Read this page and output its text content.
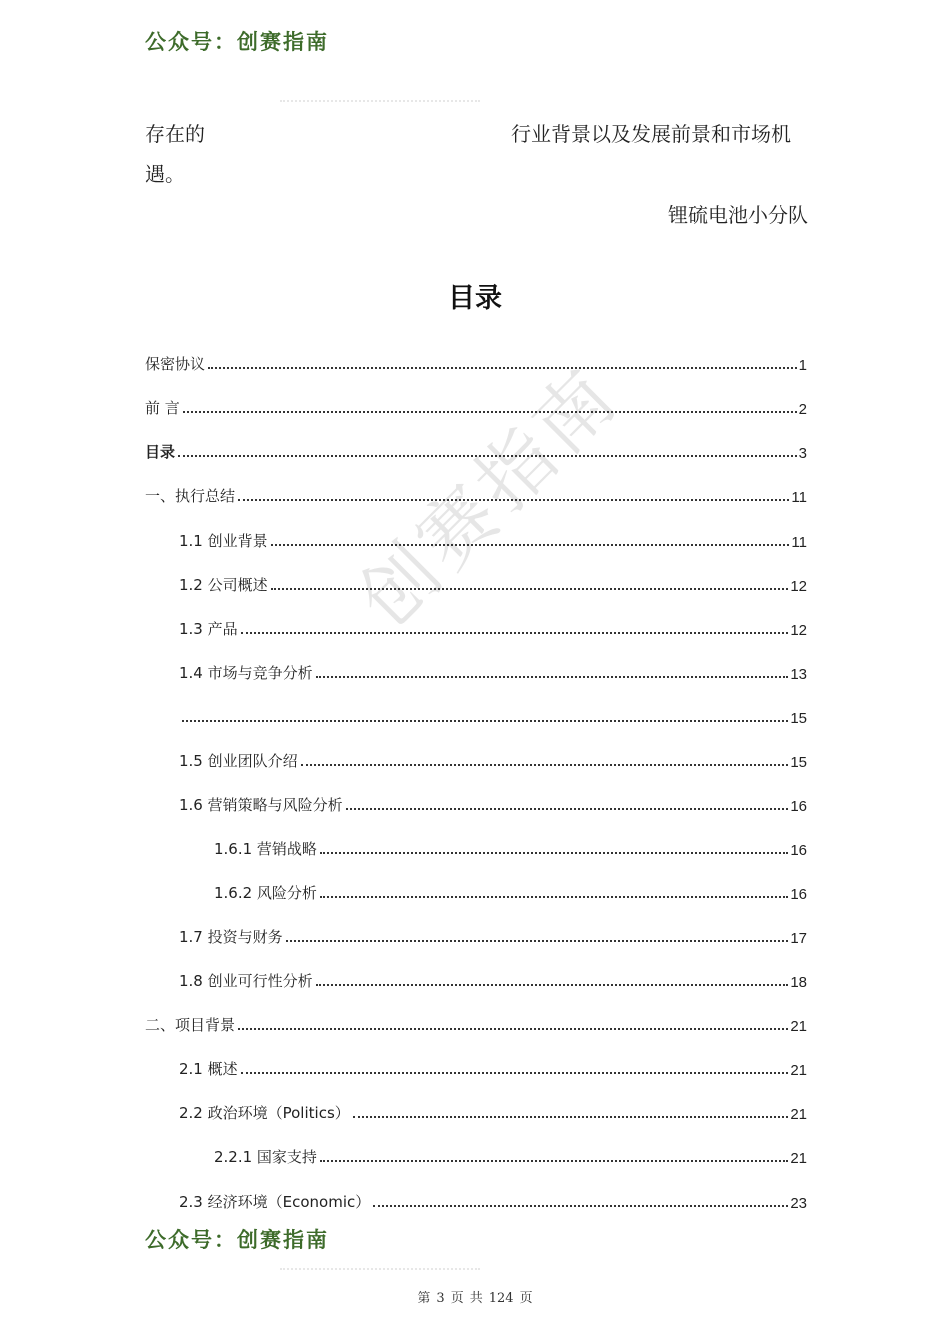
公众号：创赛指南
存在的	行业背景以及发展前景和市场机
遇。
锂硫电池小分队
目录
创赛指南
保密协议	1
前 言	2
目录	3
一、执行总结	11
1.1 创业背景	11
1.2 公司概述	12
1.3 产品	12
1.4 市场与竞争分析	13
15
1.5 创业团队介绍	15
1.6 营销策略与风险分析	16
1.6.1 营销战略	16
1.6.2 风险分析	16
1.7 投资与财务	17
1.8 创业可行性分析	18
二、项目背景	21
2.1 概述	21
2.2 政治环境（Politics）	21
2.2.1 国家支持	21
2.3 经济环境（Economic）	23
公众号：创赛指南
第 3 页 共 124 页
